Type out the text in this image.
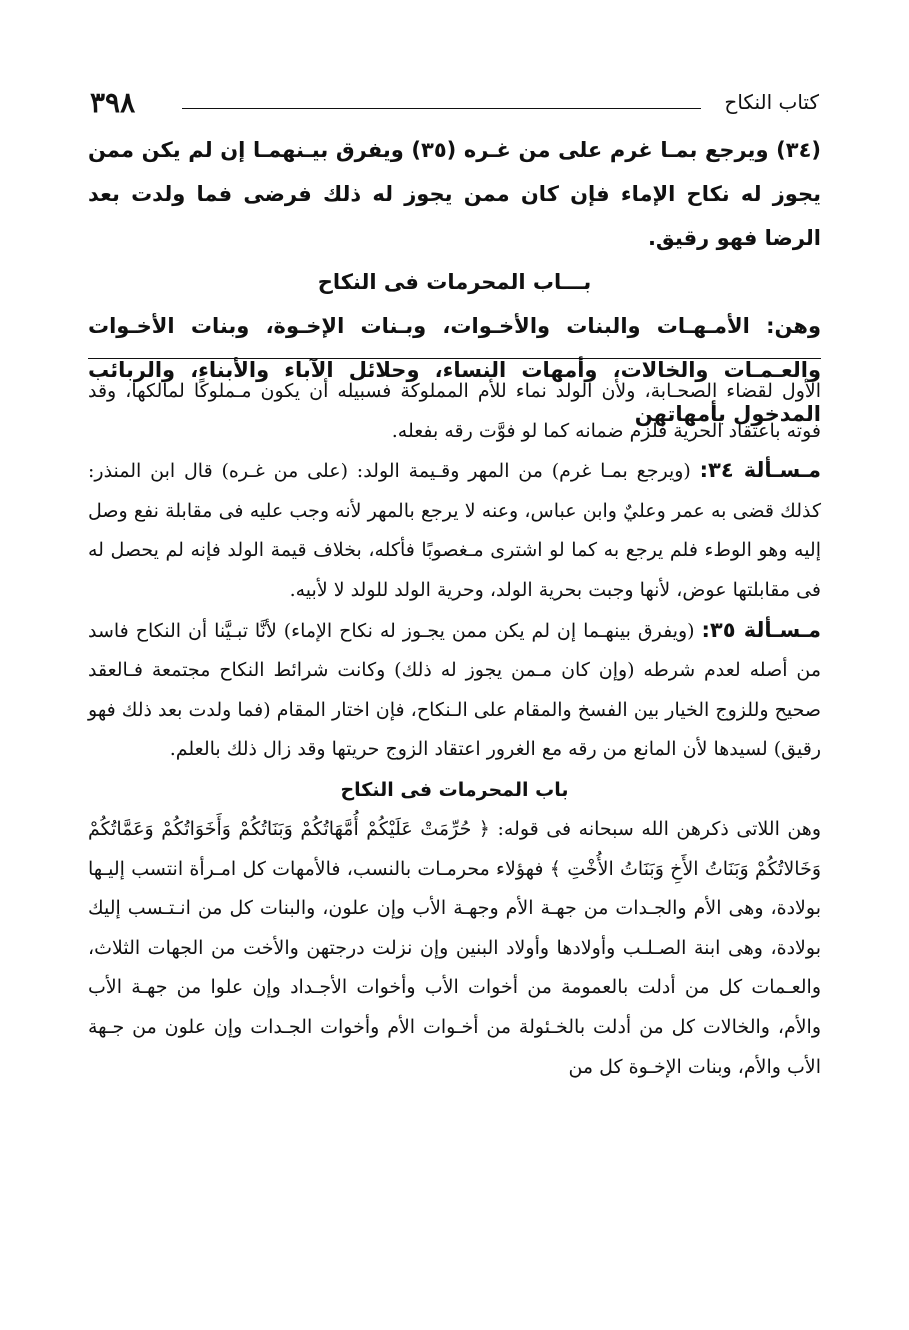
٣٩٨	كتاب النكاح

(٣٤) ويرجع بمـا غرم على من غـره (٣٥) ويفرق بيـنهمـا إن لم يكن ممن يجوز له نكاح الإماء فإن كان ممن يجوز له ذلك فرضى فما ولدت بعد الرضا فهو رقيق.

بـــاب المحرمات فى النكاح

وهن: الأمـهـات والبنات والأخـوات، وبـنات الإخـوة، وبنات الأخـوات والعـمـات والخالات، وأمهات النساء، وحلائل الآباء والأبناء، والربائب المدخول بأمهاتهن

الأول لقضاء الصحـابة، ولأن الولد نماء للأم المملوكة فسبيله أن يكون مـملوكًا لمالكها، وقد فوته باعتقاد الحرية فلزم ضمانه كما لو فوَّت رقه بفعله.

مـسـألة ٣٤: (ويرجع بمـا غرم) من المهر وقـيمة الولد: (على من غـره) قال ابن المنذر: كذلك قضى به عمر وعليٌ وابن عباس، وعنه لا يرجع بالمهر لأنه وجب عليه فى مقابلة نفع وصل إليه وهو الوطء فلم يرجع به كما لو اشترى مـغصوبًا فأكله، بخلاف قيمة الولد فإنه لم يحصل له فى مقابلتها عوض، لأنها وجبت بحرية الولد، وحرية الولد للولد لا لأبيه.

مـسـألة ٣٥: (ويفرق بينهـما إن لم يكن ممن يجـوز له نكاح الإماء) لأنَّا تبـيَّنا أن النكاح فاسد من أصله لعدم شرطه (وإن كان مـمن يجوز له ذلك) وكانت شرائط النكاح مجتمعة فـالعقد صحيح وللزوج الخيار بين الفسخ والمقام على الـنكاح، فإن اختار المقام (فما ولدت بعد ذلك فهو رقيق) لسيدها لأن المانع من رقه مع الغرور اعتقاد الزوج حريتها وقد زال ذلك بالعلم.

باب المحرمات فى النكاح

وهن اللاتى ذكرهن الله سبحانه فى قوله: ﴿ حُرِّمَتْ عَلَيْكُمْ أُمَّهَاتُكُمْ وَبَنَاتُكُمْ وَأَخَوَاتُكُمْ وَعَمَّاتُكُمْ وَخَالاتُكُمْ وَبَنَاتُ الأَخِ وَبَنَاتُ الأُخْتِ ﴾ فهؤلاء محرمـات بالنسب، فالأمهات كل امـرأة انتسب إليـها بولادة، وهى الأم والجـدات من جهـة الأم وجهـة الأب وإن علون، والبنات كل من انـتـسب إليك بولادة، وهى ابنة الصـلـب وأولادها وأولاد البنين وإن نزلت درجتهن والأخت من الجهات الثلاث، والعـمات كل من أدلت بالعمومة من أخوات الأب وأخوات الأجـداد وإن علوا من جهـة الأب والأم، والخالات كل من أدلت بالخـئولة من أخـوات الأم وأخوات الجـدات وإن علون من جـهة الأب والأم، وبنات الإخـوة كل من
